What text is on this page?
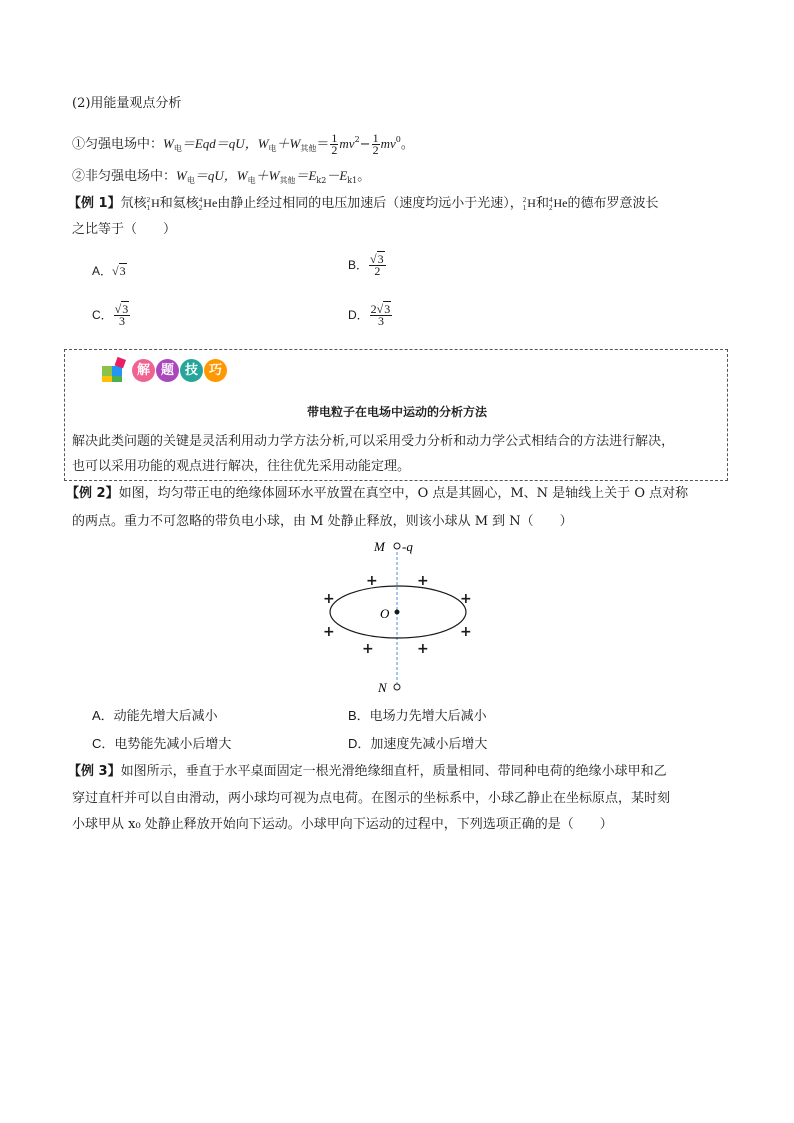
(2)用能量观点分析
①匀强电场中：$W_电=Eqd=qU$，$W_电+W_{其他}= \frac{1}{2} mv^2- \frac{1}{2} mv^0$。
②非匀强电场中：$W_电=qU$，$W_电+W_{其他}=E_{k2}-E_{k1}$。
【例 1】氘核 2
1 H和氦核 4
2 He由静止经过相同的电压加速后（速度均远小于光速）， 2
1 H和 4
2 He的德布罗意波长
之比等于（　　）
A．√3	B． $\frac{√3}{2}$
C． $\frac{√3}{3}$	D． $\frac{2√3}{3}$
解 题 技 巧
带电粒子在电场中运动的分析方法
解决此类问题的关键是灵活利用动力学方法分析,可以采用受力分析和动力学公式相结合的方法进行解决，
也可以采用功能的观点进行解决，往往优先采用动能定理。
【例 2】如图，均匀带正电的绝缘体圆环水平放置在真空中，O 点是其圆心，M、N 是轴线上关于 O 点对称
的两点。重力不可忽略的带负电小球，由 M 处静止释放，则该小球从 M 到 N（　　）
M -q
O
N
+	+
+	+
+	+
+	+
A．动能先增大后减小	B．电场力先增大后减小
C．电势能先减小后增大	D．加速度先减小后增大
【例 3】如图所示，垂直于水平桌面固定一根光滑绝缘细直杆，质量相同、带同种电荷的绝缘小球甲和乙
穿过直杆并可以自由滑动，两小球均可视为点电荷。在图示的坐标系中，小球乙静止在坐标原点，某时刻
小球甲从 x₀ 处静止释放开始向下运动。小球甲向下运动的过程中，下列选项正确的是（　　）
